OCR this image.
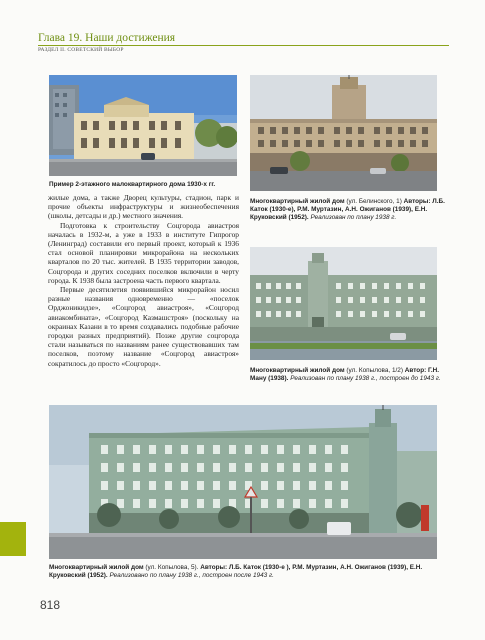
Глава 19. Наши достижения
РАЗДЕЛ II. СОВЕТСКИЙ ВЫБОР
Пример 2-этажного малоквартирного дома 1930-х гг.
Многоквартирный жилой дом (ул. Белинского, 1) Авторы: Л.Б. Каток (1930-е), Р.М. Муртазин, А.Н. Ожиганов (1939), Е.Н. Круковский (1952). Реализован по плану 1938 г.
Многоквартирный жилой дом (ул. Копылова, 1/2) Автор: Г.Н. Ману (1938). Реализован по плану 1938 г., построен до 1943 г.

жилые дома, а также Дворец культуры, стадион, парк и прочие объекты инфраструктуры и жизнеобеспечения (школы, детсады и др.) местного значения.

Подготовка к строительству Соцгорода авиастроя началась в 1932-м, а уже в 1933 в институте Гипрогор (Ленинград) составили его первый проект, который к 1936 стал основой планировки микрорайона на нескольких кварталов по 20 тыс. жителей. В 1935 территории заводов, Соцгорода и других соседних поселков включили в черту города. К 1938 была застроена часть первого квартала.

Первые десятилетия появившийся микрорайон носил разные названия одновременно — «поселок Орджоникидзе», «Соцгород авиастроя», «Соцгород авиакомбината», «Соцгород Казмашстроя» (поскольку на окраинах Казани в то время создавались подобные рабочие городки разных предприятий). Позже другие соцгорода стали называться по названиям ранее существовавших там поселков, поэтому название «Соцгород авиастроя» сократилось до просто «Соцгород».

Многоквартирный жилой дом (ул. Копылова, 5). Авторы: Л.Б. Каток (1930-е ), Р.М. Муртазин, А.Н. Ожиганов (1939), Е.Н. Круковский (1952). Реализовано по плану 1938 г., построен после 1943 г.
818
